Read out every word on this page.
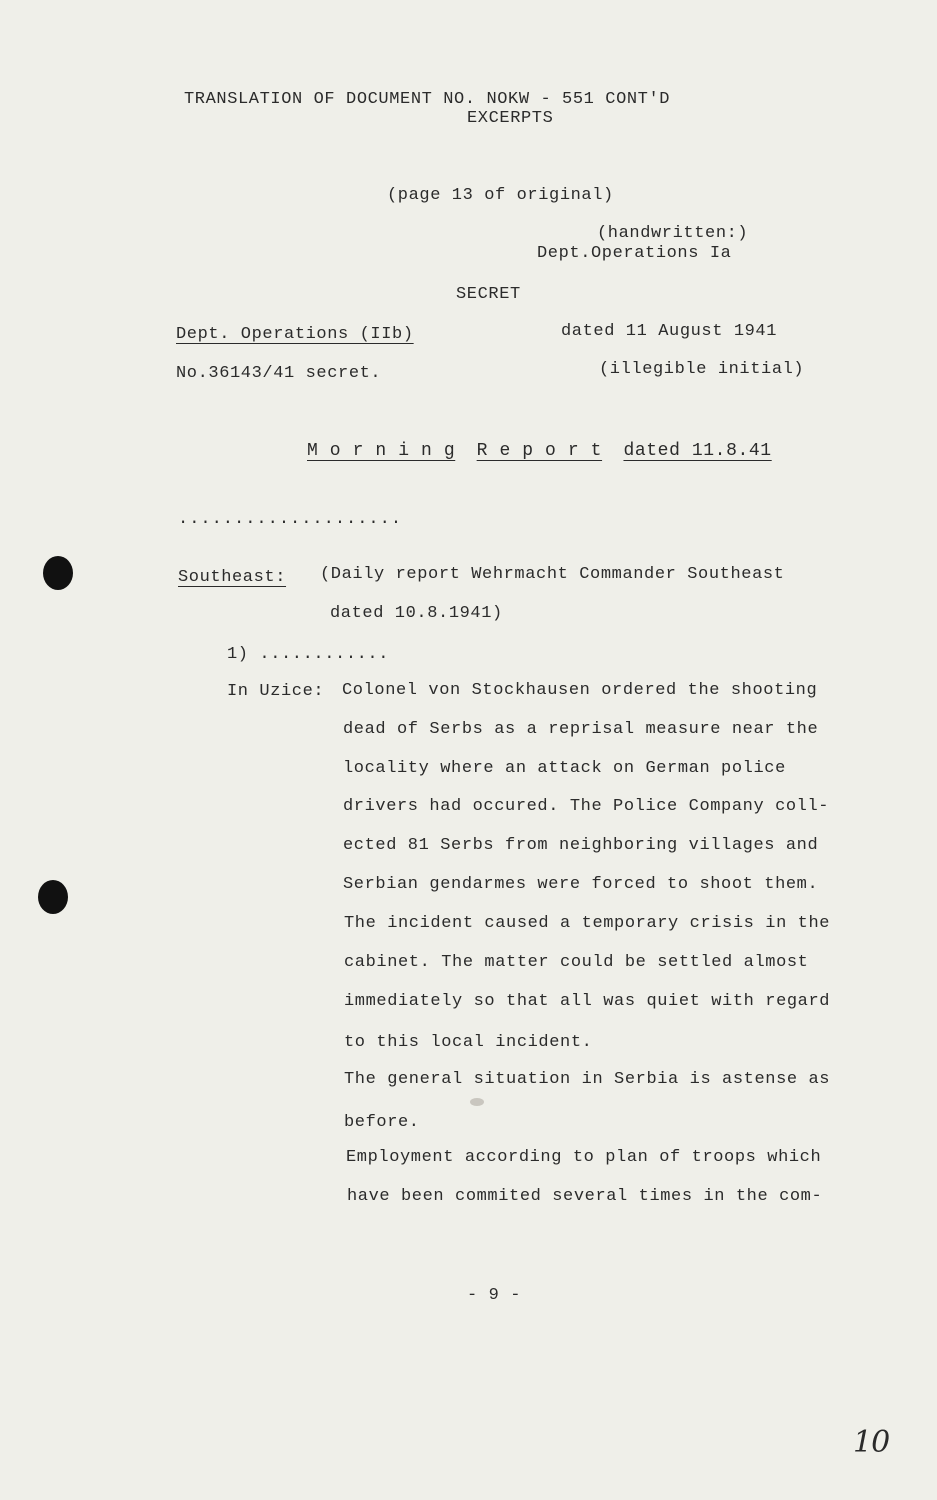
TRANSLATION OF DOCUMENT NO. NOKW - 551 CONT'D
EXCERPTS
(page 13 of original)
(handwritten:)
Dept.Operations Ia
SECRET
Dept. Operations (IIb)	dated 11 August 1941
No.36143/41 secret.	(illegible initial)
M o r n i n g R e p o r t dated 11.8.41
....................
Southeast: (Daily report Wehrmacht Commander Southeast
dated 10.8.1941)
1) ............
In Uzice: Colonel von Stockhausen ordered the shooting
dead of Serbs as a reprisal measure near the
locality where an attack on German police
drivers had occured. The Police Company coll-
ected 81 Serbs from neighboring villages and
Serbian gendarmes were forced to shoot them.
The incident caused a temporary crisis in the
cabinet. The matter could be settled almost
immediately so that all was quiet with regard
to this local incident.
The general situation in Serbia is astense as
before.
Employment according to plan of troops which
have been commited several times in the com-
- 9 -
10
